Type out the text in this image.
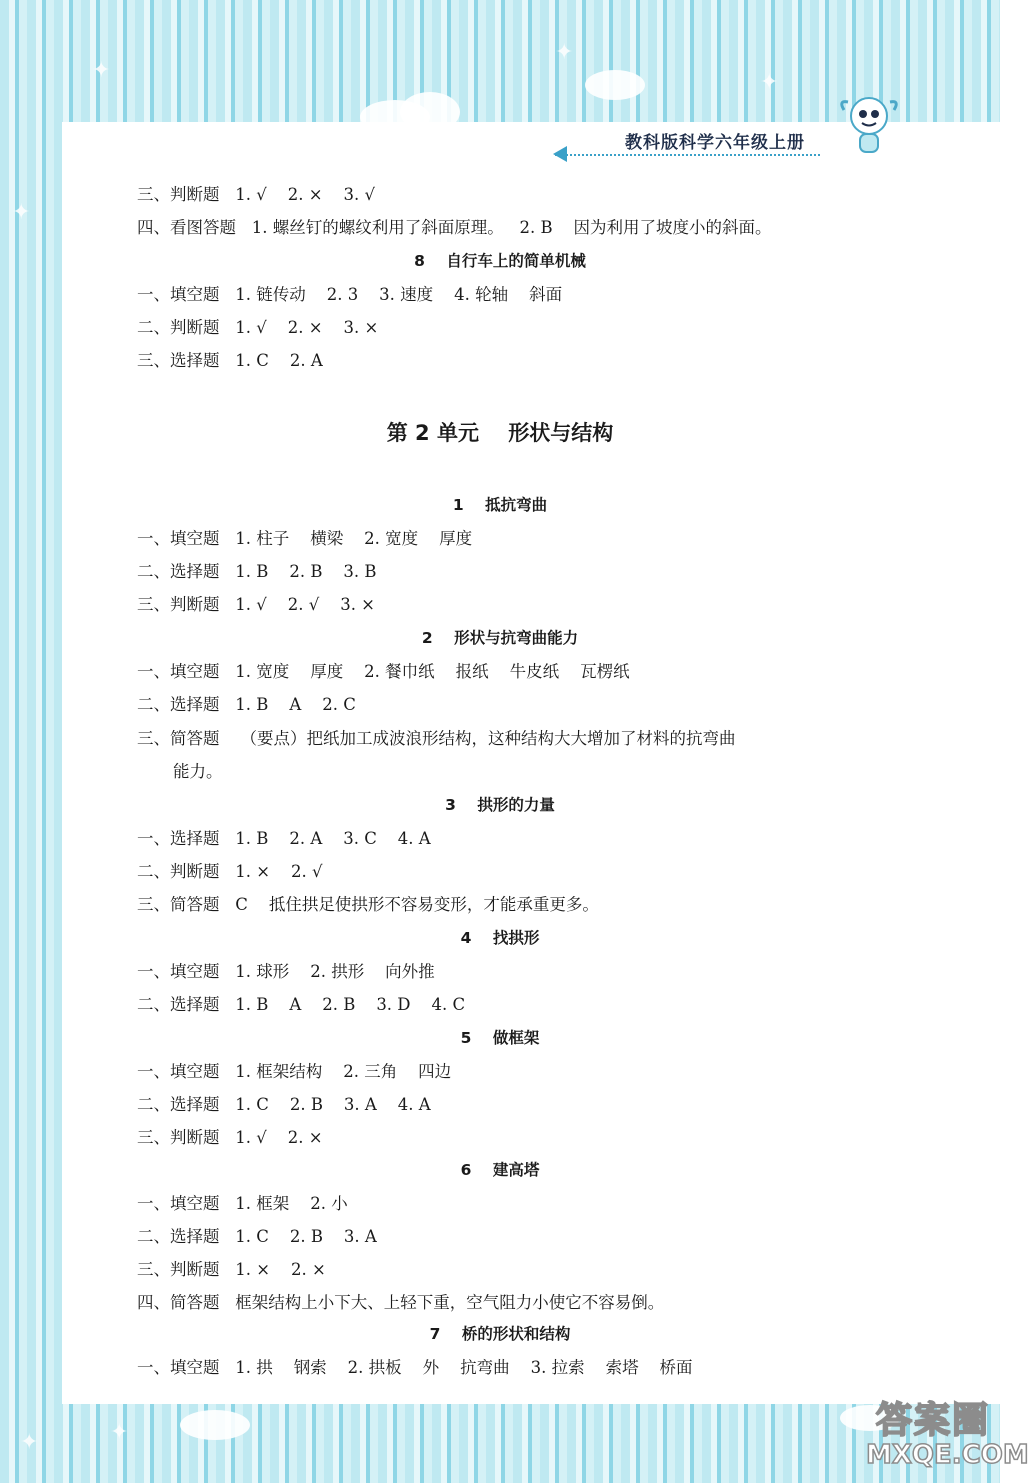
✦
✦
✦
✦
✦
✦
教科版科学六年级上册
三、判断题   1. √    2. ×    3. √
四、看图答题   1. 螺丝钉的螺纹利用了斜面原理。   2. B    因为利用了坡度小的斜面。
8    自行车上的简单机械
一、填空题   1. 链传动    2. 3    3. 速度    4. 轮轴    斜面
二、判断题   1. √    2. ×    3. ×
三、选择题   1. C    2. A
第 2 单元    形状与结构
1    抵抗弯曲
一、填空题   1. 柱子    横梁    2. 宽度    厚度
二、选择题   1. B    2. B    3. B
三、判断题   1. √    2. √    3. ×
2    形状与抗弯曲能力
一、填空题   1. 宽度    厚度    2. 餐巾纸    报纸    牛皮纸    瓦楞纸
二、选择题   1. B    A    2. C
三、简答题    （要点）把纸加工成波浪形结构，这种结构大大增加了材料的抗弯曲
能力。
3    拱形的力量
一、选择题   1. B    2. A    3. C    4. A
二、判断题   1. ×    2. √
三、简答题   C    抵住拱足使拱形不容易变形，才能承重更多。
4    找拱形
一、填空题   1. 球形    2. 拱形    向外推
二、选择题   1. B    A    2. B    3. D    4. C
5    做框架
一、填空题   1. 框架结构    2. 三角    四边
二、选择题   1. C    2. B    3. A    4. A
三、判断题   1. √    2. ×
6    建高塔
一、填空题   1. 框架    2. 小
二、选择题   1. C    2. B    3. A
三、判断题   1. ×    2. ×
四、简答题   框架结构上小下大、上轻下重，空气阻力小使它不容易倒。
7    桥的形状和结构
一、填空题   1. 拱    钢索    2. 拱板    外    抗弯曲    3. 拉索    索塔    桥面
答案圈
MXQE.COM
